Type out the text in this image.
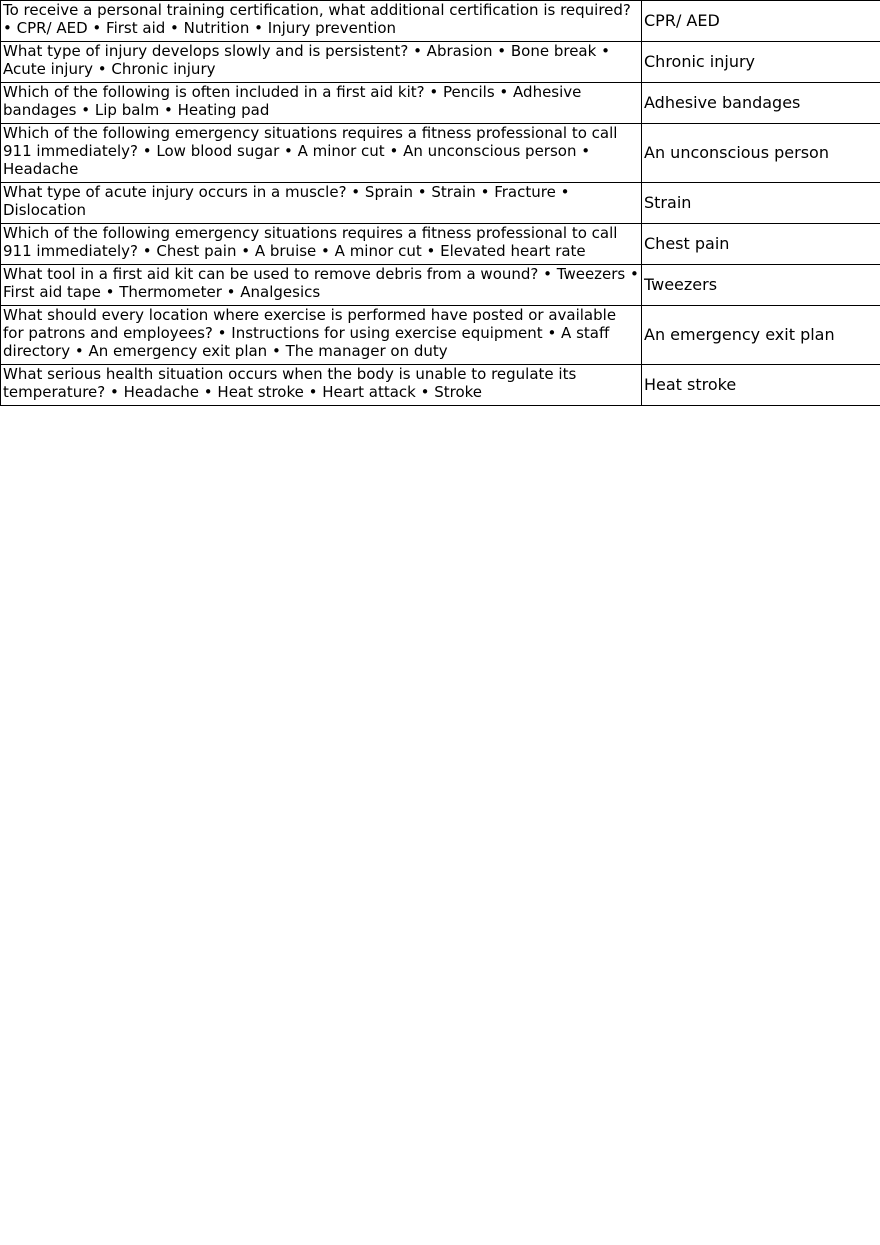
To receive a personal training certification, what additional certification is required? • CPR/ AED • First aid • Nutrition • Injury prevention	CPR/ AED
What type of injury develops slowly and is persistent? • Abrasion • Bone break • Acute injury • Chronic injury	Chronic injury
Which of the following is often included in a first aid kit? • Pencils • Adhesive bandages • Lip balm • Heating pad	Adhesive bandages
Which of the following emergency situations requires a fitness professional to call 911 immediately? • Low blood sugar • A minor cut • An unconscious person • Headache	An unconscious person
What type of acute injury occurs in a muscle? • Sprain • Strain • Fracture • Dislocation	Strain
Which of the following emergency situations requires a fitness professional to call 911 immediately? • Chest pain • A bruise • A minor cut • Elevated heart rate	Chest pain
What tool in a first aid kit can be used to remove debris from a wound? • Tweezers • First aid tape • Thermometer • Analgesics	Tweezers
What should every location where exercise is performed have posted or available for patrons and employees? • Instructions for using exercise equipment • A staff directory • An emergency exit plan • The manager on duty	An emergency exit plan
What serious health situation occurs when the body is unable to regulate its temperature? • Headache • Heat stroke • Heart attack • Stroke	Heat stroke
